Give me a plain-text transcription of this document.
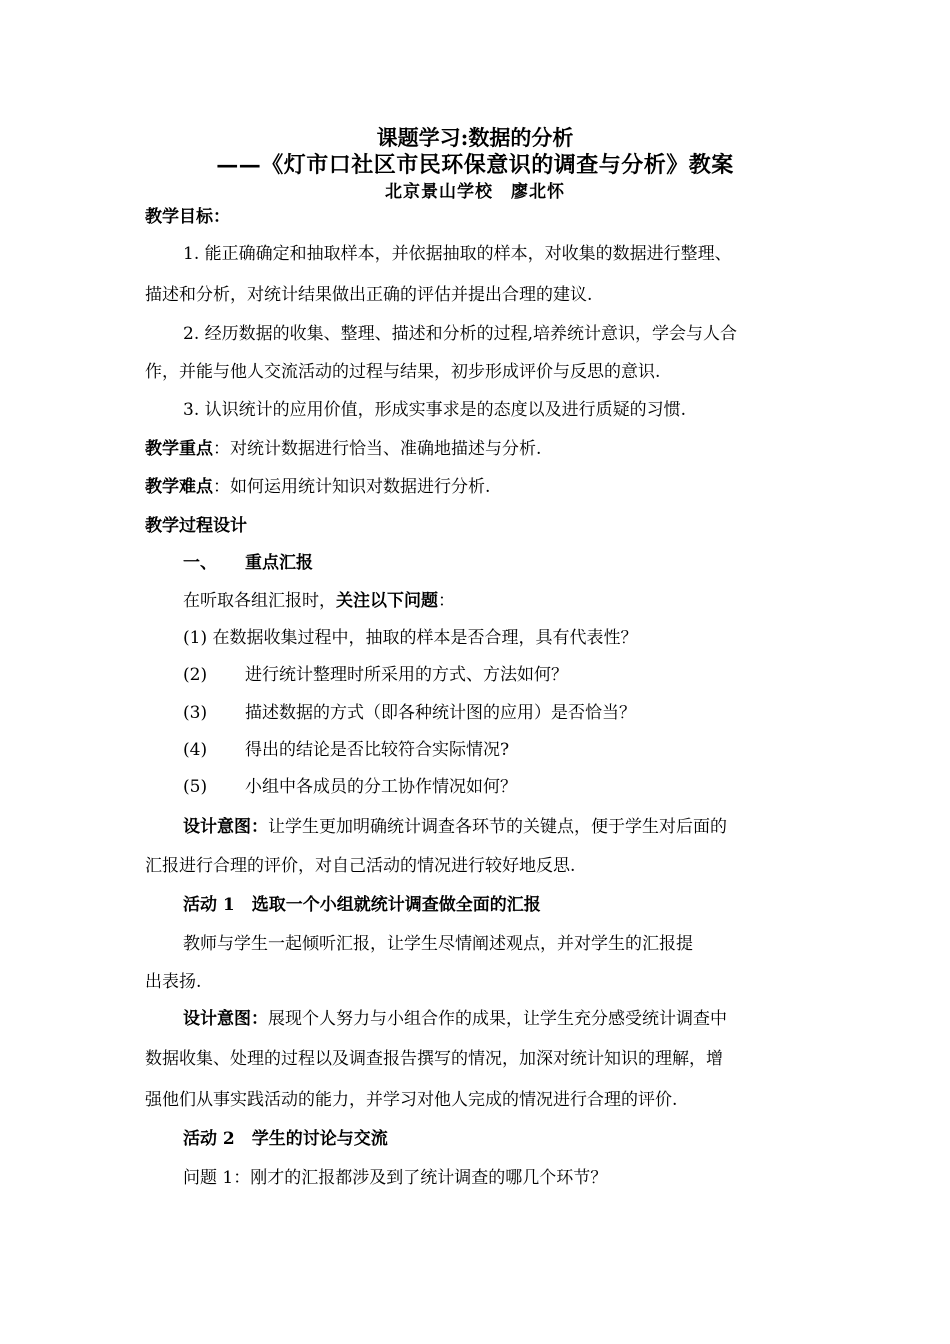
课题学习:数据的分析
——《灯市口社区市民环保意识的调查与分析》教案
北京景山学校　廖北怀
教学目标：
1. 能正确确定和抽取样本，并依据抽取的样本，对收集的数据进行整理、
描述和分析，对统计结果做出正确的评估并提出合理的建议.
2. 经历数据的收集、整理、描述和分析的过程,培养统计意识，学会与人合
作，并能与他人交流活动的过程与结果，初步形成评价与反思的意识.
3. 认识统计的应用价值，形成实事求是的态度以及进行质疑的习惯.
教学重点：对统计数据进行恰当、准确地描述与分析.
教学难点：如何运用统计知识对数据进行分析.
教学过程设计
一、 重点汇报
在听取各组汇报时，关注以下问题：
(1) 在数据收集过程中，抽取的样本是否合理，具有代表性？
(2) 进行统计整理时所采用的方式、方法如何？
(3) 描述数据的方式（即各种统计图的应用）是否恰当？
(4) 得出的结论是否比较符合实际情况?
(5) 小组中各成员的分工协作情况如何？
设计意图：让学生更加明确统计调查各环节的关键点，便于学生对后面的
汇报进行合理的评价，对自己活动的情况进行较好地反思.
活动 1　选取一个小组就统计调查做全面的汇报
教师与学生一起倾听汇报，让学生尽情阐述观点，并对学生的汇报提
出表扬.
设计意图：展现个人努力与小组合作的成果，让学生充分感受统计调查中
数据收集、处理的过程以及调查报告撰写的情况，加深对统计知识的理解，增
强他们从事实践活动的能力，并学习对他人完成的情况进行合理的评价.
活动 2　学生的讨论与交流
问题 1：刚才的汇报都涉及到了统计调查的哪几个环节？
